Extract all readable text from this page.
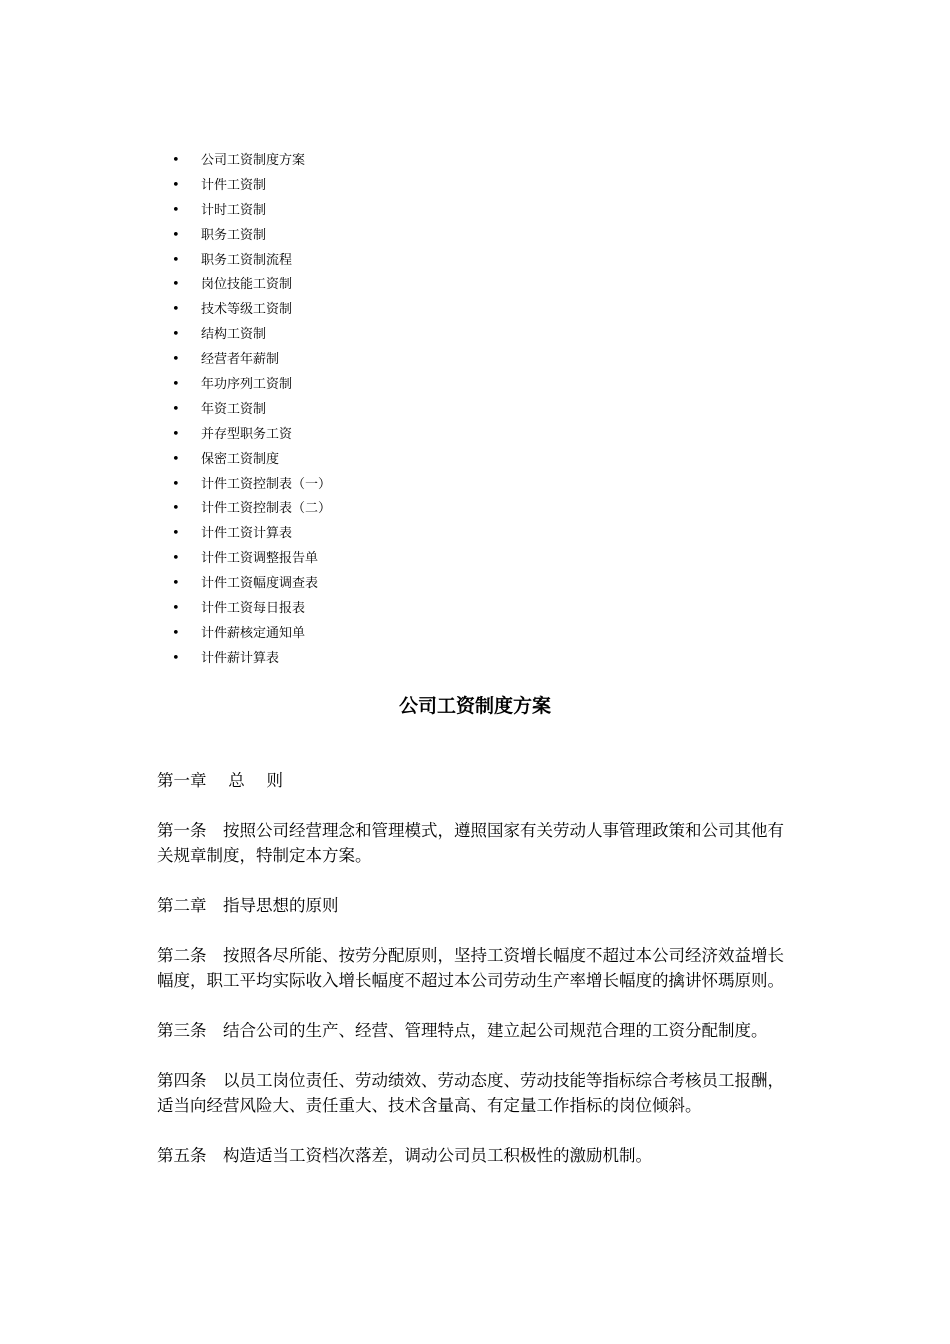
• 公司工资制度方案
• 计件工资制
• 计时工资制
• 职务工资制
• 职务工资制流程
• 岗位技能工资制
• 技术等级工资制
• 结构工资制
• 经营者年薪制
• 年功序列工资制
• 年资工资制
• 并存型职务工资
• 保密工资制度
• 计件工资控制表（一）
• 计件工资控制表（二）
• 计件工资计算表
• 计件工资调整报告单
• 计件工资幅度调查表
• 计件工资每日报表
• 计件薪核定通知单
• 计件薪计算表
公司工资制度方案

第一章　 总　 则

第一条　按照公司经营理念和管理模式，遵照国家有关劳动人事管理政策和公司其他有关规章制度，特制定本方案。

第二章　指导思想的原则

第二条　按照各尽所能、按劳分配原则，坚持工资增长幅度不超过本公司经济效益增长幅度，职工平均实际收入增长幅度不超过本公司劳动生产率增长幅度的擒讲怀瑪原则。

第三条　结合公司的生产、经营、管理特点，建立起公司规范合理的工资分配制度。

第四条　以员工岗位责任、劳动绩效、劳动态度、劳动技能等指标综合考核员工报酬，适当向经营风险大、责任重大、技术含量高、有定量工作指标的岗位倾斜。

第五条　构造适当工资档次落差，调动公司员工积极性的激励机制。
